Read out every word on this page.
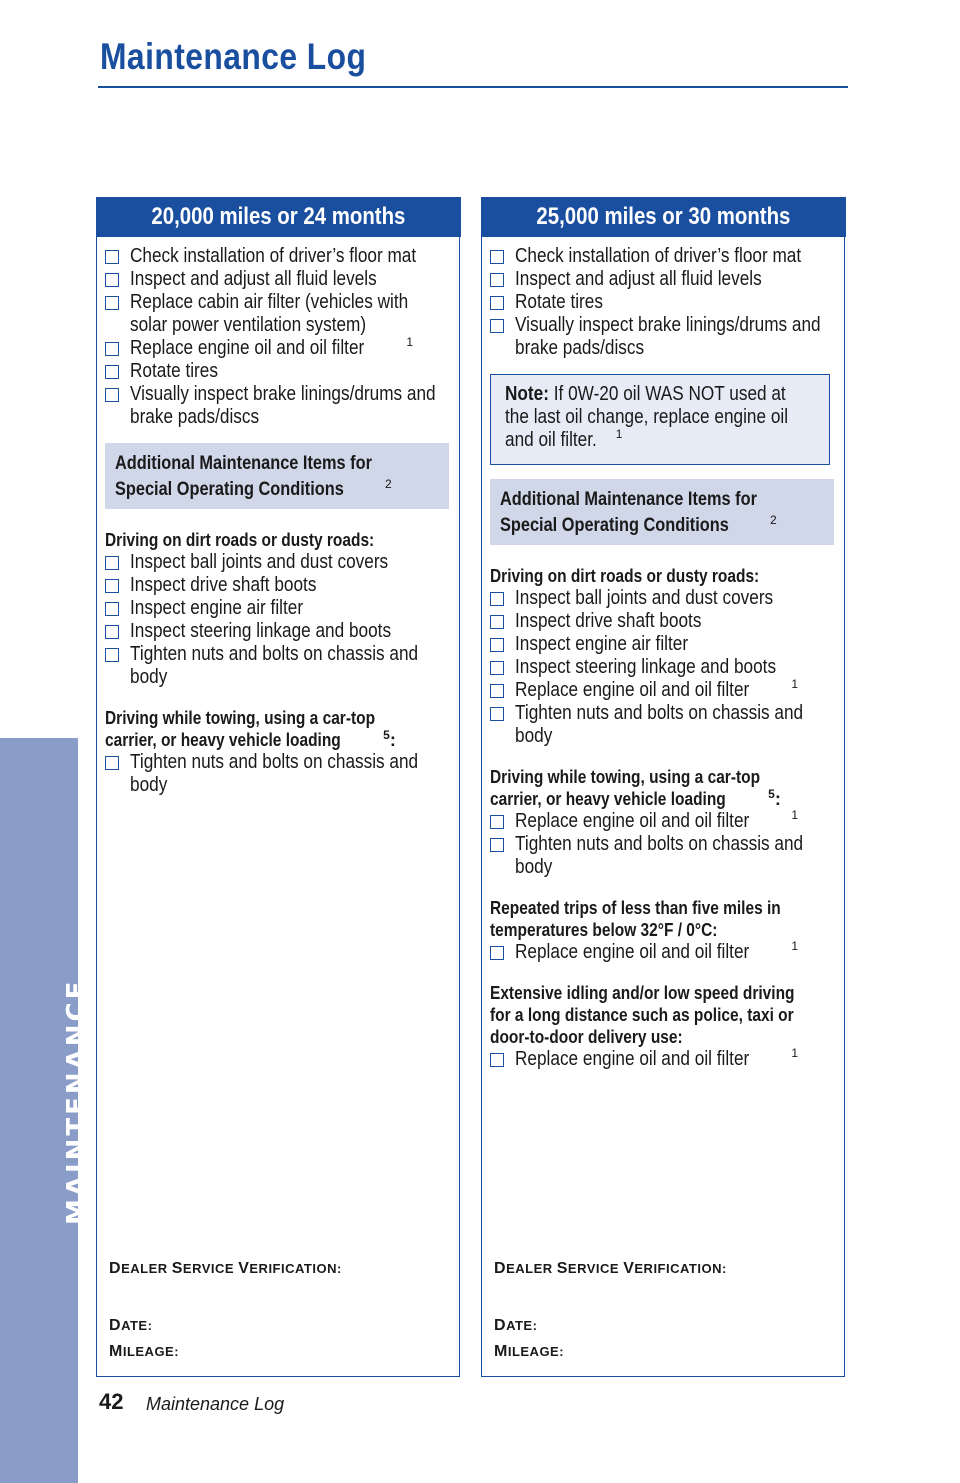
Maintenance Log
MAINTENANCE
20,000 miles or 24 months
Check installation of driver’s floor mat
Inspect and adjust all fluid levels
Replace cabin air filter (vehicles with
solar power ventilation system)
Replace engine oil and oil filter	$^1$
Rotate tires
Visually inspect brake linings/drums and
brake pads/discs
Additional Maintenance Items for
Special Operating Conditions	$^2$
Driving on dirt roads or dusty roads:
Inspect ball joints and dust covers
Inspect drive shaft boots
Inspect engine air filter
Inspect steering linkage and boots
Tighten nuts and bolts on chassis and
body
Driving while towing, using a car-top
carrier, or heavy vehicle loading	$^5$:
Tighten nuts and bolts on chassis and
body
DEALER SERVICE VERIFICATION:
DATE:
MILEAGE:
25,000 miles or 30 months
Check installation of driver’s floor mat
Inspect and adjust all fluid levels
Rotate tires
Visually inspect brake linings/drums and
brake pads/discs
Note: If 0W-20 oil WAS NOT used at
the last oil change, replace engine oil
and oil filter. $^1$
Additional Maintenance Items for
Special Operating Conditions	$^2$
Driving on dirt roads or dusty roads:
Inspect ball joints and dust covers
Inspect drive shaft boots
Inspect engine air filter
Inspect steering linkage and boots
Replace engine oil and oil filter	$^1$
Tighten nuts and bolts on chassis and
body
Driving while towing, using a car-top
carrier, or heavy vehicle loading	$^5$:
Replace engine oil and oil filter	$^1$
Tighten nuts and bolts on chassis and
body
Repeated trips of less than five miles in
temperatures below 32°F / 0°C:
Replace engine oil and oil filter	$^1$
Extensive idling and/or low speed driving
for a long distance such as police, taxi or
door-to-door delivery use:
Replace engine oil and oil filter	$^1$
DEALER SERVICE VERIFICATION:
DATE:
MILEAGE:
42 Maintenance Log
